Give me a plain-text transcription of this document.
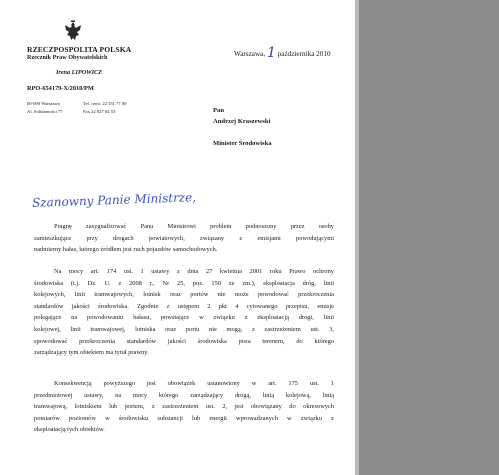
RZECZPOSPOLITA POLSKA
Rzecznik Praw Obywatelskich
Irena LIPOWICZ
RPO-654179-X/2010/PM
00-090 Warszawa
Al. Solidarności 77
Tel. centr. 22 551 77 00
Fax 22 827 64 53
Warszawa, 1 października 2010
Pan
Andrzej Kraszewski
Minister Środowiska
Szanowny Panie Ministrze,
Pragnę zasygnalizować Panu Ministrowi problem podnoszony przez osoby
zamieszkujące przy drogach powiatowych, związany z emisjami powodującymi
nadmierny hałas, którego źródłem jest ruch pojazdów samochodowych.
Na mocy art. 174 ust. 1 ustawy z dnia 27 kwietnia 2001 roku Prawo ochrony
środowiska (t.j. Dz. U. z 2008 r., Nr 25, poz. 150 ze zm.), eksploatacja dróg, linii
kolejowych, linii tramwajowych, lotnisk oraz portów nie może powodować przekroczenia
standardów jakości środowiska. Zgodnie z ustępem 2 pkt 4 cytowanego przepisu, emisje
polegające na powodowaniu hałasu, powstające w związku z eksploatacją drogi, linii
kolejowej, linii tramwajowej, lotniska oraz portu nie mogą, z zastrzeżeniem ust. 3,
spowodować przekroczenia standardów jakości środowiska poza terenem, do którego
zarządzający tym obiektem ma tytuł prawny.
Konsekwencją powyższego jest obowiązek ustanowiony w art. 175 ust. 1
przedmiotowej ustawy, na mocy którego zarządzający drogą, linią kolejową, linią
tramwajową, lotniskiem lub portem, z zastrzeżeniem ust. 2, jest obowiązany do okresowych
pomiarów poziomów w środowisku substancji lub energii wprowadzanych w związku z
eksploatacją tych obiektów.
